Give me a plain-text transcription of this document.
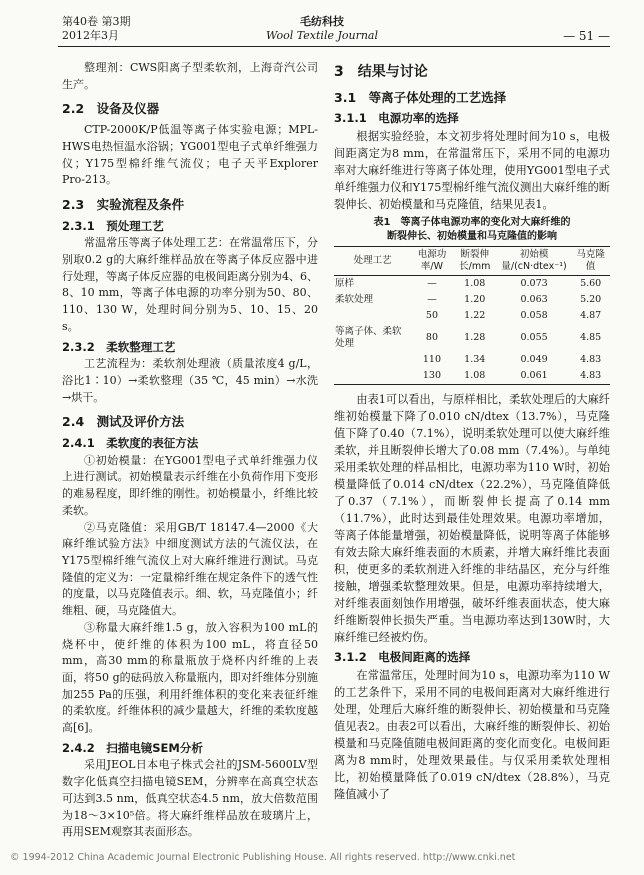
第40卷 第3期
2012年3月
毛纺科技
Wool Textile Journal	— 51 —

整理剂：CWS阳离子型柔软剂，上海奇汽公司生产。

2.2　设备及仪器

CTP-2000K/P低温等离子体实验电源；MPL-HWS电热恒温水浴锅；YG001型电子式单纤维强力仪；Y175型棉纤维气流仪；电子天平Explorer Pro-213。

2.3　实验流程及条件
2.3.1　预处理工艺

常温常压等离子体处理工艺：在常温常压下，分别取0.2 g的大麻纤维样品放在等离子体反应器中进行处理，等离子体反应器的电极间距离分别为4、6、8、10 mm，等离子体电源的功率分别为50、80、110、130 W，处理时间分别为5、10、15、20 s。

2.3.2　柔软整理工艺

工艺流程为：柔软剂处理液（质量浓度4 g/L，浴比1∶10）→柔软整理（35 ℃，45 min）→水洗→烘干。

2.4　测试及评价方法
2.4.1　柔软度的表征方法

①初始模量：在YG001型电子式单纤维强力仪上进行测试。初始模量表示纤维在小负荷作用下变形的难易程度，即纤维的刚性。初始模量小，纤维比较柔软。

②马克隆值：采用GB/T 18147.4—2000《大麻纤维试验方法》中细度测试方法的气流仪法，在Y175型棉纤维气流仪上对大麻纤维进行测试。马克隆值的定义为：一定量棉纤维在规定条件下的透气性的度量，以马克隆值表示。细、软，马克隆值小；纤维粗、硬，马克隆值大。

③称量大麻纤维1.5 g，放入容积为100 mL的烧杯中，使纤维的体积为100 mL，将直径50 mm，高30 mm的称量瓶放于烧杯内纤维的上表面，将50 g的砝码放入称量瓶内，即对纤维体分别施加255 Pa的压强，利用纤维体积的变化来表征纤维的柔软度。纤维体积的减少量越大，纤维的柔软度越高[6]。

2.4.2　扫描电镜SEM分析

采用JEOL日本电子株式会社的JSM-5600LV型数字化低真空扫描电镜SEM，分辨率在高真空状态可达到3.5 nm，低真空状态4.5 nm，放大倍数范围为18～3×10⁵倍。将大麻纤维样品放在玻璃片上，再用SEM观察其表面形态。

3　结果与讨论
3.1　等离子体处理的工艺选择
3.1.1　电源功率的选择

根据实验经验，本文初步将处理时间为10 s，电极间距离定为8 mm，在常温常压下，采用不同的电源功率对大麻纤维进行等离子体处理，使用YG001型电子式单纤维强力仪和Y175型棉纤维气流仪测出大麻纤维的断裂伸长、初始模量和马克隆值，结果见表1。

表1　等离子体电源功率的变化对大麻纤维的
断裂伸长、初始模量和马克隆值的影响
处理工艺	电源功率/W	断裂伸长/mm	初始模量/(cN·dtex⁻¹)	马克隆值
原样	—	1.08	0.073	5.60
柔软处理	—	1.20	0.063	5.20
	50	1.22	0.058	4.87
等离子体、柔软处理	80	1.28	0.055	4.85
	110	1.34	0.049	4.83
	130	1.08	0.061	4.83

由表1可以看出，与原样相比，柔软处理后的大麻纤维初始模量下降了0.010 cN/dtex（13.7%），马克隆值下降了0.40（7.1%），说明柔软处理可以使大麻纤维柔软，并且断裂伸长增大了0.08 mm（7.4%）。与单纯采用柔软处理的样品相比，电源功率为110 W时，初始模量降低了0.014 cN/dtex（22.2%），马克隆值降低了0.37（7.1%），而断裂伸长提高了0.14 mm（11.7%），此时达到最佳处理效果。电源功率增加，等离子体能量增强，初始模量降低，说明等离子体能够有效去除大麻纤维表面的木质素，并增大麻纤维比表面积，使更多的柔软剂进入纤维的非结晶区，充分与纤维接触，增强柔软整理效果。但是，电源功率持续增大，对纤维表面刻蚀作用增强，破坏纤维表面状态，使大麻纤维断裂伸长损失严重。当电源功率达到130W时，大麻纤维已经被灼伤。

3.1.2　电极间距离的选择

在常温常压，处理时间为10 s，电源功率为110 W的工艺条件下，采用不同的电极间距离对大麻纤维进行处理，处理后大麻纤维的断裂伸长、初始模量和马克隆值见表2。由表2可以看出，大麻纤维的断裂伸长、初始模量和马克隆值随电极间距离的变化而变化。电极间距离为8 mm时，处理效果最佳。与仅采用柔软处理相比，初始模量降低了0.019 cN/dtex（28.8%），马克隆值减小了

© 1994-2012 China Academic Journal Electronic Publishing House. All rights reserved. http://www.cnki.net
